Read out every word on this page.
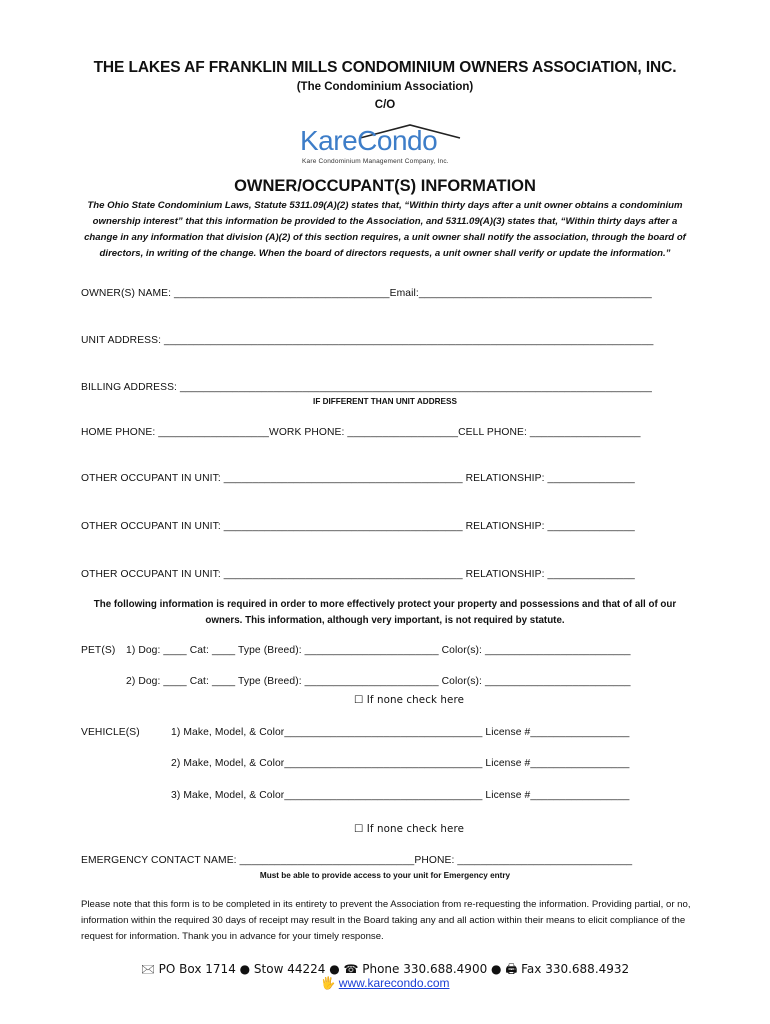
THE LAKES AF FRANKLIN MILLS CONDOMINIUM OWNERS ASSOCIATION, INC.
(The Condominium Association)
C/O
KareCondo
Kare Condominium Management Company, Inc.
OWNER/OCCUPANT(S) INFORMATION
The Ohio State Condominium Laws, Statute 5311.09(A)(2) states that, “Within thirty days after a unit owner obtains a condominium ownership interest” that this information be provided to the Association, and 5311.09(A)(3) states that, “Within thirty days after a change in any information that division (A)(2) of this section requires, a unit owner shall notify the association, through the board of directors, in writing of the change. When the board of directors requests, a unit owner shall verify or update the information.”
OWNER(S) NAME: _____________________________________Email:________________________________________
UNIT ADDRESS: ____________________________________________________________________________________
BILLING ADDRESS: _________________________________________________________________________________
IF DIFFERENT THAN UNIT ADDRESS
HOME PHONE: ___________________WORK PHONE: ___________________CELL PHONE: ___________________
OTHER OCCUPANT IN UNIT: _________________________________________ RELATIONSHIP: _______________
OTHER OCCUPANT IN UNIT: _________________________________________ RELATIONSHIP: _______________
OTHER OCCUPANT IN UNIT: _________________________________________ RELATIONSHIP: _______________
The following information is required in order to more effectively protect your property and possessions and that of all of our owners. This information, although very important, is not required by statute.
PET(S) 1) Dog: ____ Cat: ____ Type (Breed): _______________________ Color(s): _________________________
2) Dog: ____ Cat: ____ Type (Breed): _______________________ Color(s): _________________________
☐ If none check here
VEHICLE(S)	1) Make, Model, & Color__________________________________ License #_________________
2) Make, Model, & Color__________________________________ License #_________________
3) Make, Model, & Color__________________________________ License #_________________
☐ If none check here
EMERGENCY CONTACT NAME: ______________________________PHONE: ______________________________
Must be able to provide access to your unit for Emergency entry
Please note that this form is to be completed in its entirety to prevent the Association from re-requesting the information. Providing partial, or no, information within the required 30 days of receipt may result in the Board taking any and all action within their means to elicit compliance of the request for information. Thank you in advance for your timely response.
🖂 PO Box 1714 ● Stow 44224 ● ☎ Phone 330.688.4900 ● 🖨 Fax 330.688.4932
🖐 www.karecondo.com
